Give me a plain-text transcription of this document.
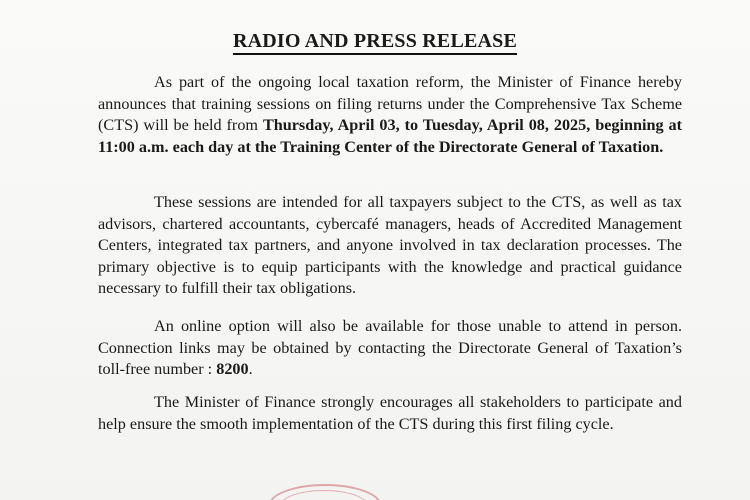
RADIO AND PRESS RELEASE

As part of the ongoing local taxation reform, the Minister of Finance hereby announces that training sessions on filing returns under the Comprehensive Tax Scheme (CTS) will be held from Thursday, April 03, to Tuesday, April 08, 2025, beginning at 11:00 a.m. each day at the Training Center of the Directorate General of Taxation.

These sessions are intended for all taxpayers subject to the CTS, as well as tax advisors, chartered accountants, cybercafé managers, heads of Accredited Management Centers, integrated tax partners, and anyone involved in tax declaration processes. The primary objective is to equip participants with the knowledge and practical guidance necessary to fulfill their tax obligations.

An online option will also be available for those unable to attend in person. Connection links may be obtained by contacting the Directorate General of Taxation’s toll-free number : 8200.

The Minister of Finance strongly encourages all stakeholders to participate and help ensure the smooth implementation of the CTS during this first filing cycle.
